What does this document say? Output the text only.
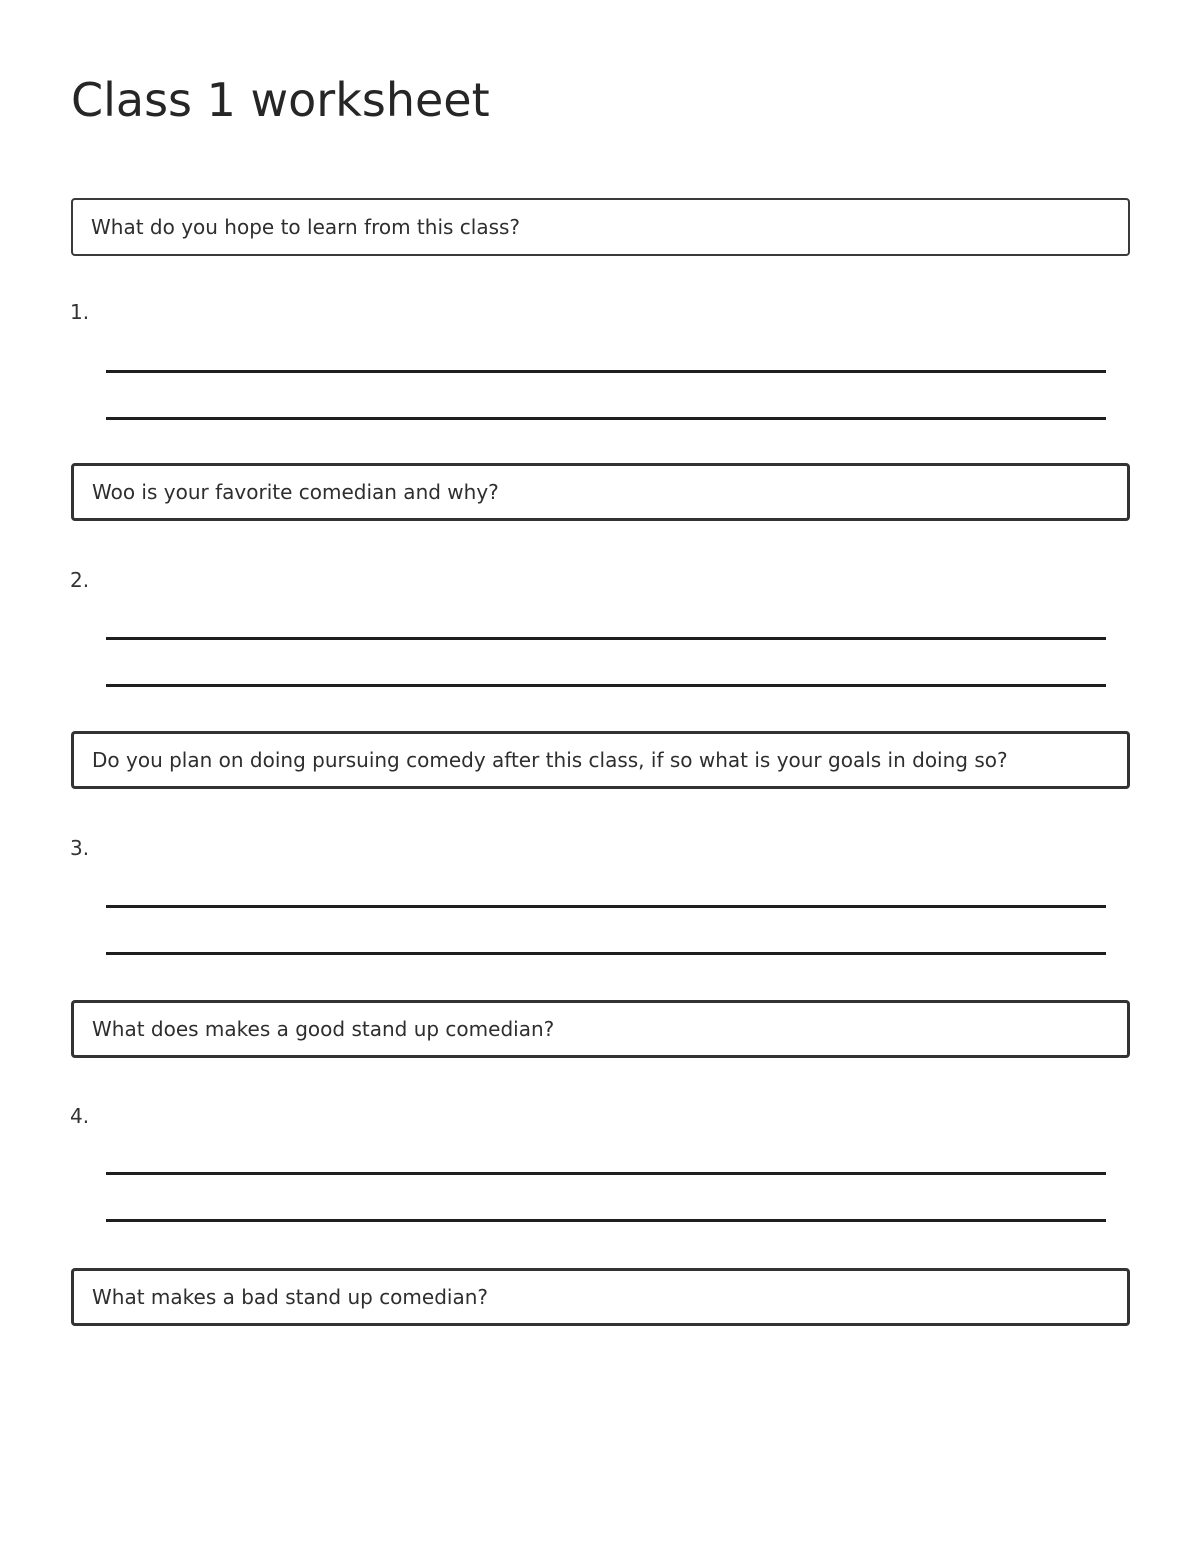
Class 1 worksheet
What do you hope to learn from this class?
1.
Woo is your favorite comedian and why?
2.
Do you plan on doing pursuing comedy after this class, if so what is your goals in doing so?
3.
What does makes a good stand up comedian?
4.
What makes a bad stand up comedian?
